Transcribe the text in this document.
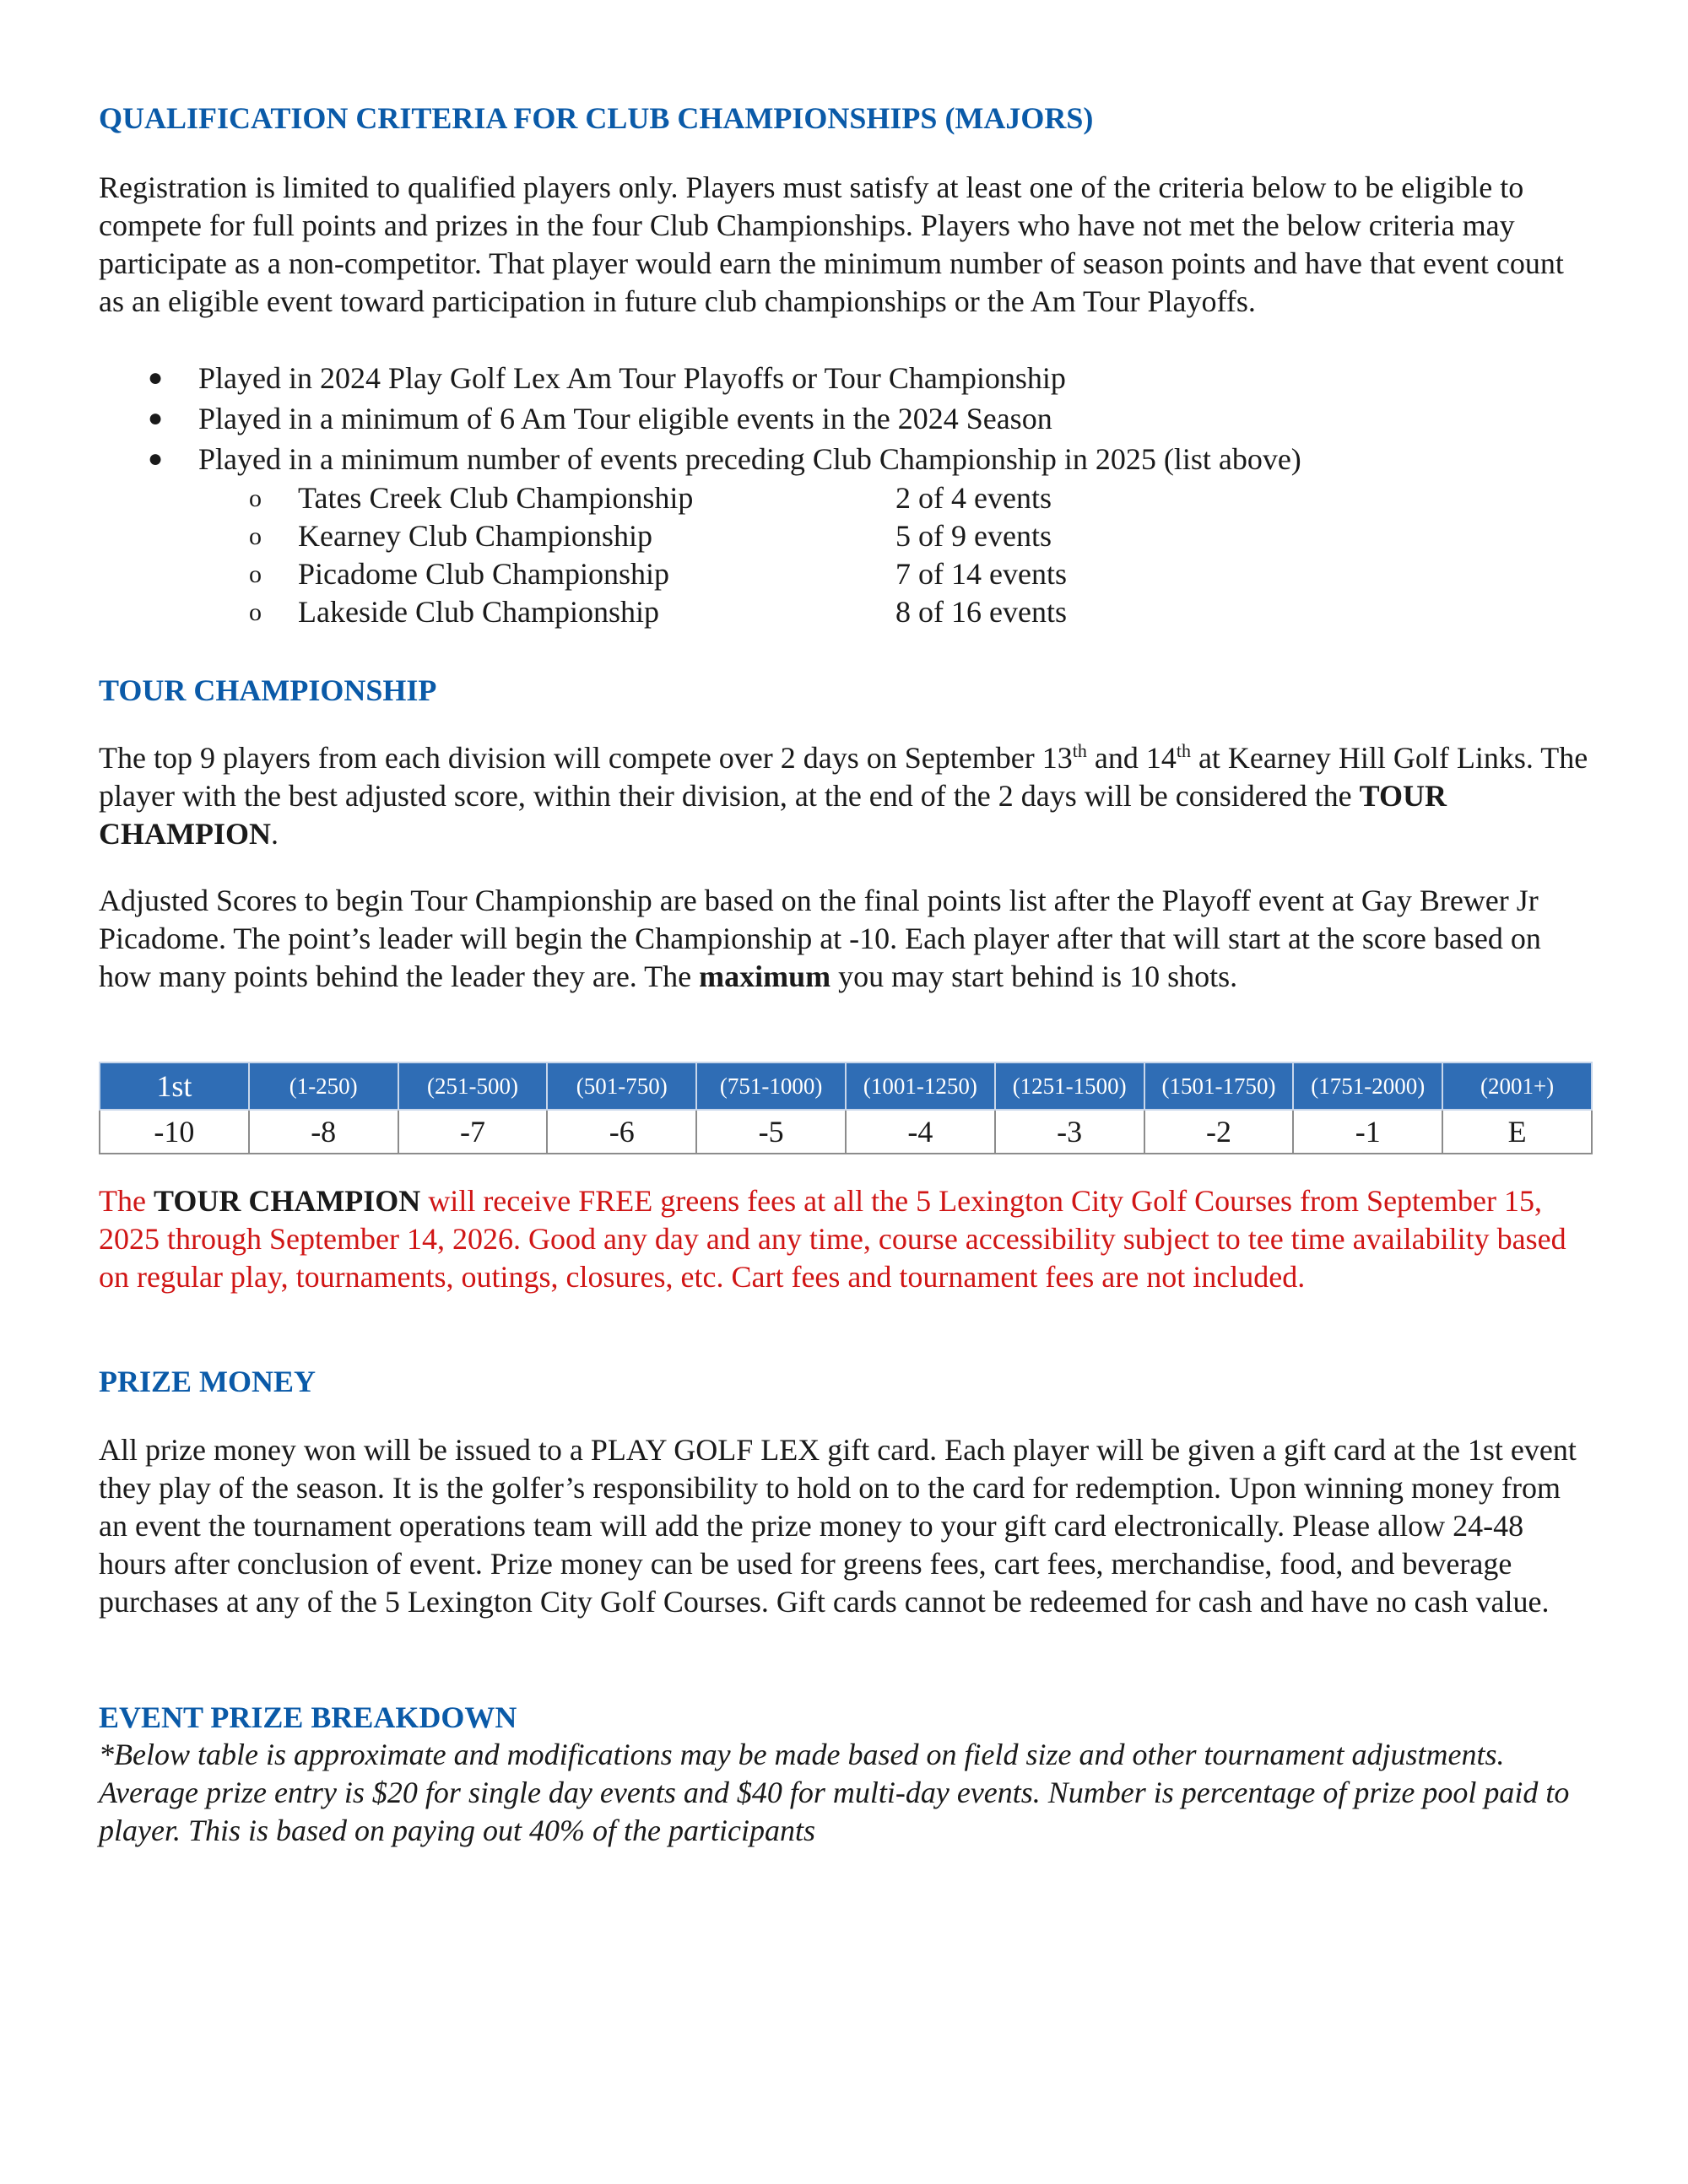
QUALIFICATION CRITERIA FOR CLUB CHAMPIONSHIPS (MAJORS)

Registration is limited to qualified players only. Players must satisfy at least one of the criteria below to be eligible to compete for full points and prizes in the four Club Championships. Players who have not met the below criteria may participate as a non-competitor. That player would earn the minimum number of season points and have that event count as an eligible event toward participation in future club championships or the Am Tour Playoffs.

● Played in 2024 Play Golf Lex Am Tour Playoffs or Tour Championship
● Played in a minimum of 6 Am Tour eligible events in the 2024 Season
● Played in a minimum number of events preceding Club Championship in 2025 (list above)
o Tates Creek Club Championship	2 of 4 events
o Kearney Club Championship	5 of 9 events
o Picadome Club Championship	7 of 14 events
o Lakeside Club Championship	8 of 16 events
TOUR CHAMPIONSHIP

The top 9 players from each division will compete over 2 days on September 13th and 14th at Kearney Hill Golf Links. The player with the best adjusted score, within their division, at the end of the 2 days will be considered the TOUR CHAMPION.

Adjusted Scores to begin Tour Championship are based on the final points list after the Playoff event at Gay Brewer Jr Picadome. The point’s leader will begin the Championship at -10. Each player after that will start at the score based on how many points behind the leader they are. The maximum you may start behind is 10 shots.

1st	(1-250)	(251-500)	(501-750)	(751-1000)	(1001-1250)	(1251-1500)	(1501-1750)	(1751-2000)	(2001+)
-10	-8	-7	-6	-5	-4	-3	-2	-1	E

The TOUR CHAMPION will receive FREE greens fees at all the 5 Lexington City Golf Courses from September 15, 2025 through September 14, 2026. Good any day and any time, course accessibility subject to tee time availability based on regular play, tournaments, outings, closures, etc. Cart fees and tournament fees are not included.

PRIZE MONEY

All prize money won will be issued to a PLAY GOLF LEX gift card. Each player will be given a gift card at the 1st event they play of the season. It is the golfer’s responsibility to hold on to the card for redemption. Upon winning money from an event the tournament operations team will add the prize money to your gift card electronically. Please allow 24-48 hours after conclusion of event. Prize money can be used for greens fees, cart fees, merchandise, food, and beverage purchases at any of the 5 Lexington City Golf Courses. Gift cards cannot be redeemed for cash and have no cash value.

EVENT PRIZE BREAKDOWN

*Below table is approximate and modifications may be made based on field size and other tournament adjustments. Average prize entry is $20 for single day events and $40 for multi-day events. Number is percentage of prize pool paid to player. This is based on paying out 40% of the participants
